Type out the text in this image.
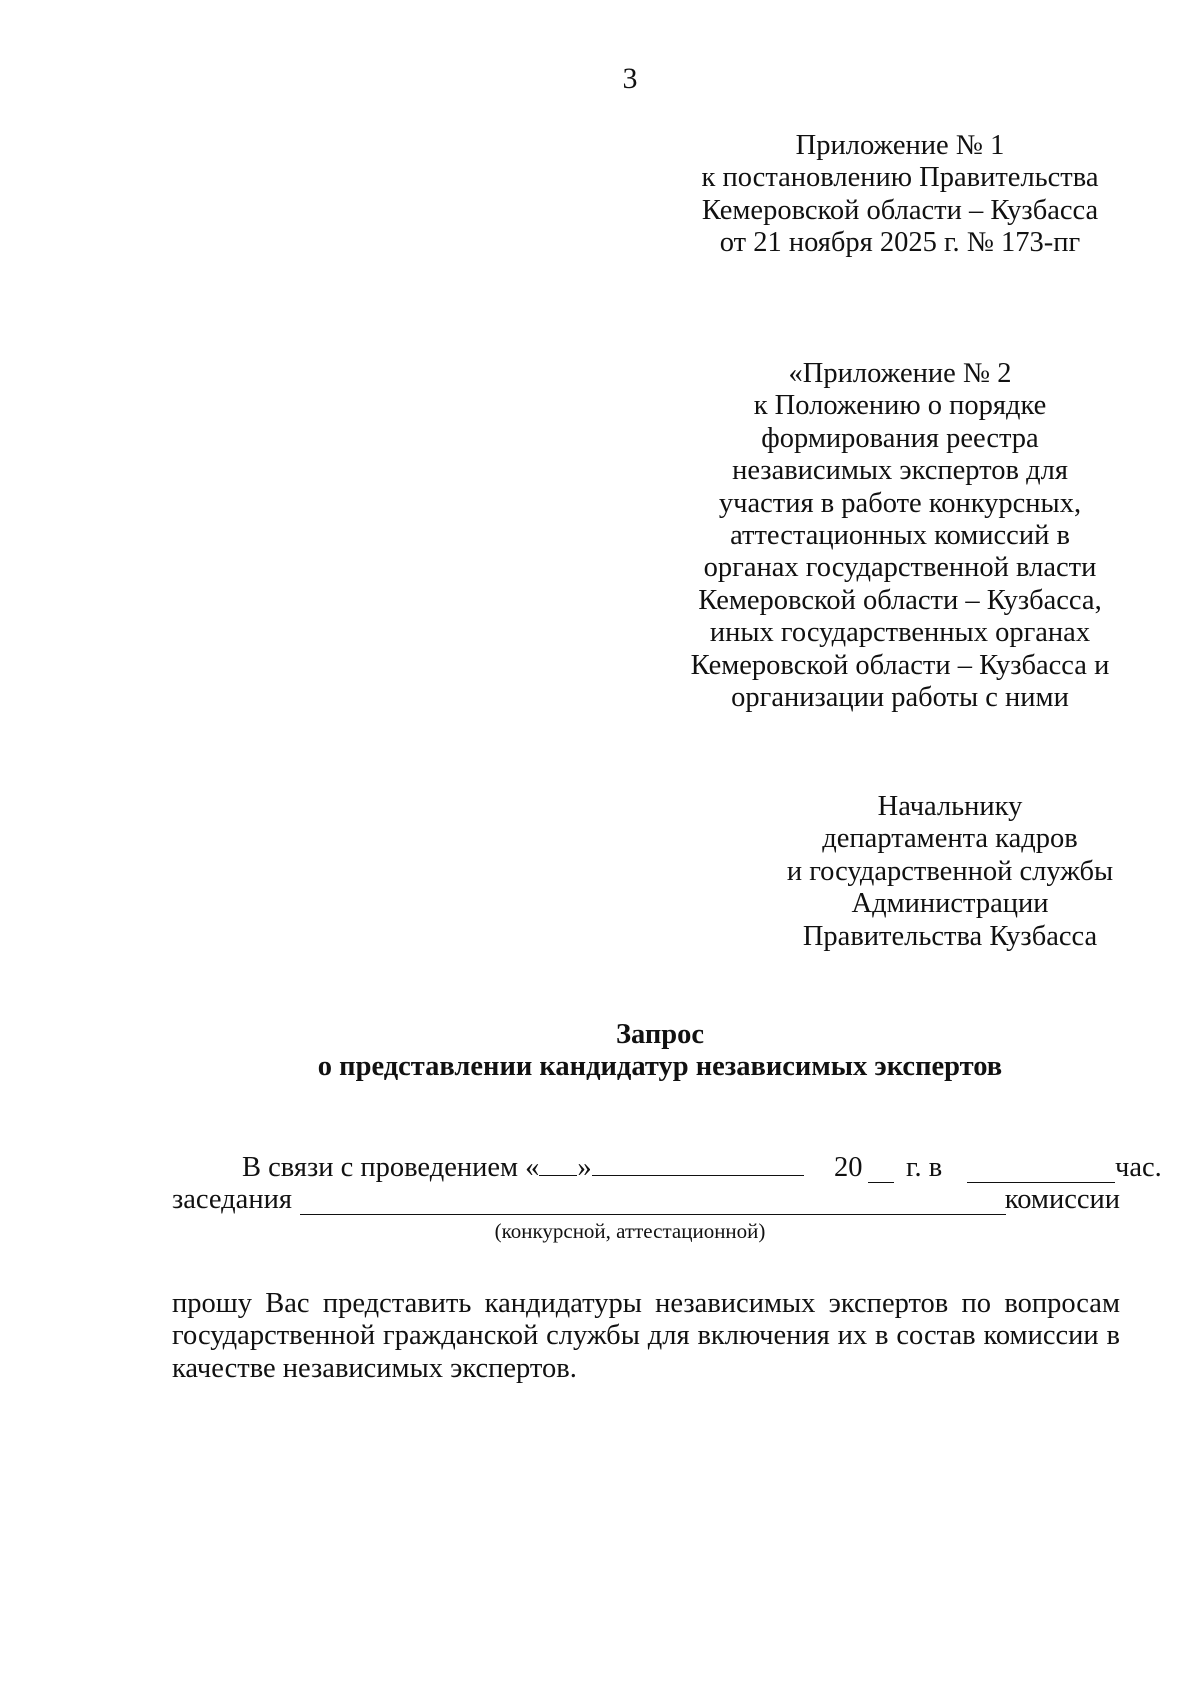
3
Приложение № 1
к постановлению Правительства
Кемеровской области – Кузбасса
от 21 ноября 2025 г. № 173-пг
«Приложение № 2
к Положению о порядке
формирования реестра
независимых экспертов для
участия в работе конкурсных,
аттестационных комиссий в
органах государственной власти
Кемеровской области – Кузбасса,
иных государственных органах
Кемеровской области – Кузбасса и
организации работы с ними
Начальнику
департамента кадров
и государственной службы
Администрации
Правительства Кузбасса
Запрос
о представлении кандидатур независимых экспертов
В связи с проведением « »	20 г. в	час.
заседания	комиссии
(конкурсной, аттестационной)
прошу Вас представить кандидатуры независимых экспертов по вопросам
государственной гражданской службы для включения их в состав комиссии в
качестве независимых экспертов.
